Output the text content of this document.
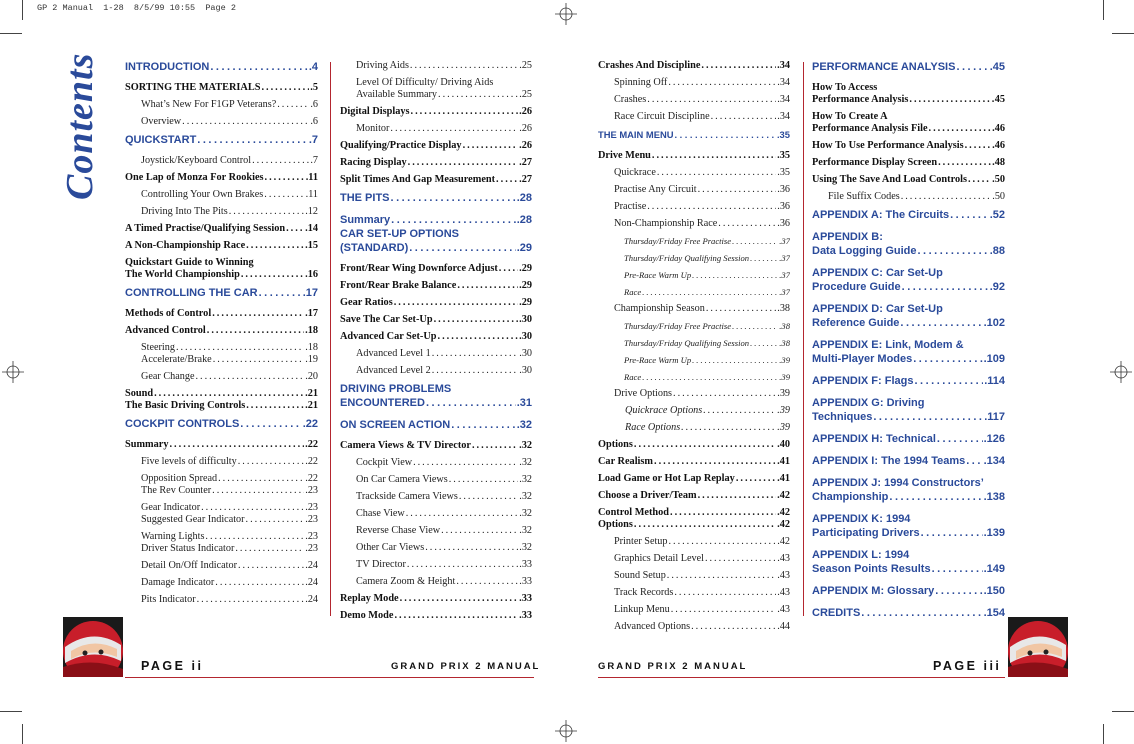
GP 2 Manual  1-28  8/5/99 10:55  Page 2
Contents INTRODUCTION .....	.4
SORTING THE MATERIALS .....	.5
What’s New For F1GP Veterans? .....	.6
Overview .....	.6
QUICKSTART .....	.7
Joystick/Keyboard Control .....	.7
One Lap of Monza For Rookies .....	.11
Controlling Your Own Brakes .....	.11
Driving Into The Pits .....	.12
A Timed Practise/Qualifying Session ..... .14
A Non-Championship Race .....	.15
Quickstart Guide to Winning
The World Championship .....	.16
CONTROLLING THE CAR .....	.17
Methods of Control .....	.17
Advanced Control .....	.18
Steering .....	.18
Accelerate/Brake .....	.19
Gear Change .....	.20
Sound .....	.21
The Basic Driving Controls .....	.21
COCKPIT CONTROLS .....	.22
Summary .....	.22
Five levels of difficulty .....	.22
Opposition Spread .....	.22
The Rev Counter .....	.23
Gear Indicator .....	.23
Suggested Gear Indicator .....	.23
Warning Lights .....	.23
Driver Status Indicator .....	.23
Detail On/Off Indicator .....	.24
Damage Indicator .....	.24
Pits Indicator .....	.24
Driving Aids .....	.25
Level Of Difficulty/ Driving Aids
Available Summary .....	.25
Digital Displays .....	.26
Monitor .....	.26
Qualifying/Practice Display .....	.26
Racing Display .....	.27
Split Times And Gap Measurement ..... .27
THE PITS .....	.28
Summary .....	.28
CAR SET-UP OPTIONS
(STANDARD) .....	.29
Front/Rear Wing Downforce Adjust ..... .29
Front/Rear Brake Balance .....	.29
Gear Ratios .....	.29
Save The Car Set-Up .....	.30
Advanced Car Set-Up .....	.30
Advanced Level 1 .....	.30
Advanced Level 2 .....	.30
DRIVING PROBLEMS
ENCOUNTERED .....	.31
ON SCREEN ACTION .....	.32
Camera Views & TV Director .....	.32
Cockpit View .....	.32
On Car Camera Views .....	.32
Trackside Camera Views .....	.32
Chase View .....	.32
Reverse Chase View .....	.32
Other Car Views .....	.32
TV Director .....	.33
Camera Zoom & Height .....	.33
Replay Mode .....	.33
Demo Mode .....	.33
Crashes And Discipline .....	.34
Spinning Off .....	.34
Crashes .....	.34
Race Circuit Discipline .....	.34
THE MAIN MENU .....	.35
Drive Menu .....	.35
Quickrace .....	.35
Practise Any Circuit .....	.36
Practise .....	.36
Non-Championship Race .....	.36
Thursday/Friday Free Practise .....	.37
Thursday/Friday Qualifying Session .....	.37
Pre-Race Warm Up .....	.37
Race .....	.37
Championship Season .....	.38
Thursday/Friday Free Practise .....	.38
Thursday/Friday Qualifying Session .....	.38
Pre-Race Warm Up .....	.39
Race .....	.39
Drive Options .....	.39
Quickrace Options .....	.39
Race Options .....	.39
Options .....	.40
Car Realism .....	.41
Load Game or Hot Lap Replay .....	.41
Choose a Driver/Team .....	.42
Control Method .....	.42
Options .....	.42
Printer Setup .....	.42
Graphics Detail Level .....	.43
Sound Setup .....	.43
Track Records .....	.43
Linkup Menu .....	.43
Advanced Options .....	.44
PERFORMANCE ANALYSIS .....	.45
How To Access
Performance Analysis .....	45
How To Create A
Performance Analysis File .....	.46
How To Use Performance Analysis .....	.46
Performance Display Screen .....	.48
Using The Save And Load Controls ..... .50
File Suffix Codes .....	.50
APPENDIX A: The Circuits .....	.52
APPENDIX B:
Data Logging Guide .....	88
APPENDIX C: Car Set-Up
Procedure Guide .....	.92
APPENDIX D: Car Set-Up
Reference Guide .....	.102
APPENDIX E: Link, Modem &
Multi-Player Modes .....	.109
APPENDIX F: Flags .....	.114
APPENDIX G: Driving
Techniques .....	.117
APPENDIX H: Technical .....	.126
APPENDIX I: The 1994 Teams ..... .134
APPENDIX J: 1994 Constructors’
Championship .....	.138
APPENDIX K: 1994
Participating Drivers .....	.139
APPENDIX L: 1994
Season Points Results .....	.149
APPENDIX M: Glossary .....	.150
CREDITS .....	.154
PAGE ii	GRAND PRIX 2 MANUAL	GRAND PRIX 2 MANUAL	PAGE iii
